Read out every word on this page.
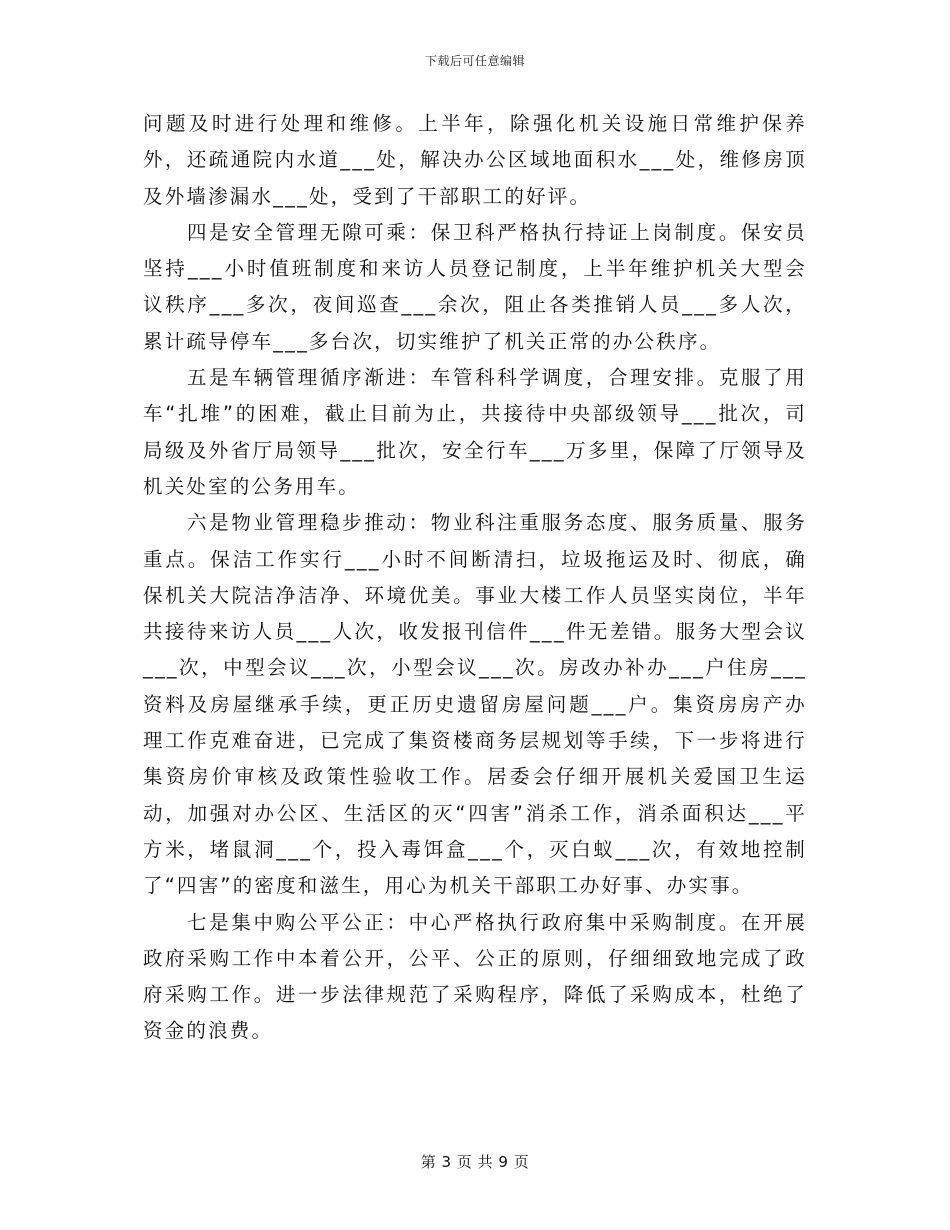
下载后可任意编辑

问题及时进行处理和维修。上半年，除强化机关设施日常维护保养外，还疏通院内水道___处，解决办公区域地面积水___处，维修房顶及外墙渗漏水___处，受到了干部职工的好评。

四是安全管理无隙可乘：保卫科严格执行持证上岗制度。保安员坚持___小时值班制度和来访人员登记制度，上半年维护机关大型会议秩序___多次，夜间巡查___余次，阻止各类推销人员___多人次，累计疏导停车___多台次，切实维护了机关正常的办公秩序。

五是车辆管理循序渐进：车管科科学调度，合理安排。克服了用车“扎堆”的困难，截止目前为止，共接待中央部级领导___批次，司局级及外省厅局领导___批次，安全行车___万多里，保障了厅领导及机关处室的公务用车。

六是物业管理稳步推动：物业科注重服务态度、服务质量、服务重点。保洁工作实行___小时不间断清扫，垃圾拖运及时、彻底，确保机关大院洁净洁净、环境优美。事业大楼工作人员坚实岗位，半年共接待来访人员___人次，收发报刊信件___件无差错。服务大型会议___次，中型会议___次，小型会议___次。房改办补办___户住房___资料及房屋继承手续，更正历史遗留房屋问题___户。集资房房产办理工作克难奋进，已完成了集资楼商务层规划等手续，下一步将进行集资房价审核及政策性验收工作。居委会仔细开展机关爱国卫生运动，加强对办公区、生活区的灭“四害”消杀工作，消杀面积达___平方米，堵鼠洞___个，投入毒饵盒___个，灭白蚁___次，有效地控制了“四害”的密度和滋生，用心为机关干部职工办好事、办实事。

七是集中购公平公正：中心严格执行政府集中采购制度。在开展政府采购工作中本着公开，公平、公正的原则，仔细细致地完成了政府采购工作。进一步法律规范了采购程序，降低了采购成本，杜绝了资金的浪费。

第 3 页 共 9 页
